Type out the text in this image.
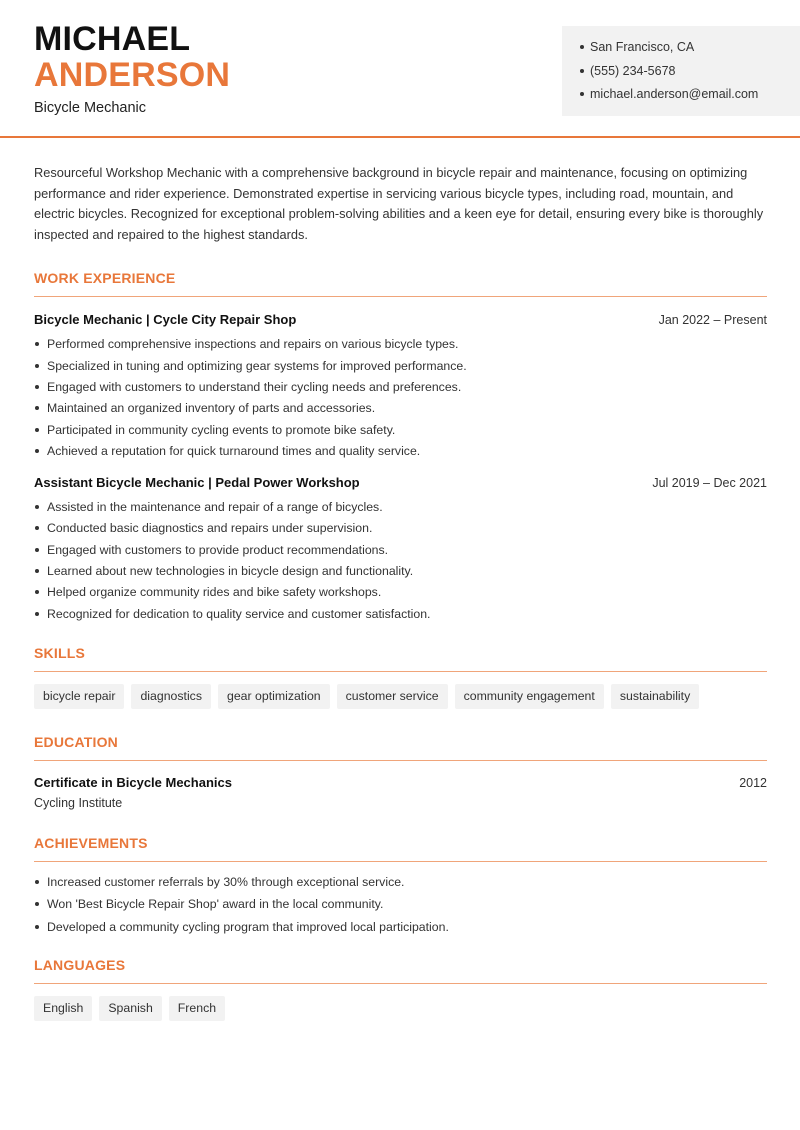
MICHAEL
ANDERSON
Bicycle Mechanic
San Francisco, CA
(555) 234-5678
michael.anderson@email.com

Resourceful Workshop Mechanic with a comprehensive background in bicycle repair and maintenance, focusing on optimizing performance and rider experience. Demonstrated expertise in servicing various bicycle types, including road, mountain, and electric bicycles. Recognized for exceptional problem-solving abilities and a keen eye for detail, ensuring every bike is thoroughly inspected and repaired to the highest standards.

WORK EXPERIENCE
Bicycle Mechanic | Cycle City Repair Shop	Jan 2022 – Present
Performed comprehensive inspections and repairs on various bicycle types.
Specialized in tuning and optimizing gear systems for improved performance.
Engaged with customers to understand their cycling needs and preferences.
Maintained an organized inventory of parts and accessories.
Participated in community cycling events to promote bike safety.
Achieved a reputation for quick turnaround times and quality service.
Assistant Bicycle Mechanic | Pedal Power Workshop	Jul 2019 – Dec 2021
Assisted in the maintenance and repair of a range of bicycles.
Conducted basic diagnostics and repairs under supervision.
Engaged with customers to provide product recommendations.
Learned about new technologies in bicycle design and functionality.
Helped organize community rides and bike safety workshops.
Recognized for dedication to quality service and customer satisfaction.
SKILLS
bicycle repair	diagnostics	gear optimization	customer service	community engagement	sustainability
EDUCATION
Certificate in Bicycle Mechanics	2012
Cycling Institute
ACHIEVEMENTS
Increased customer referrals by 30% through exceptional service.
Won 'Best Bicycle Repair Shop' award in the local community.
Developed a community cycling program that improved local participation.
LANGUAGES
English	Spanish	French
